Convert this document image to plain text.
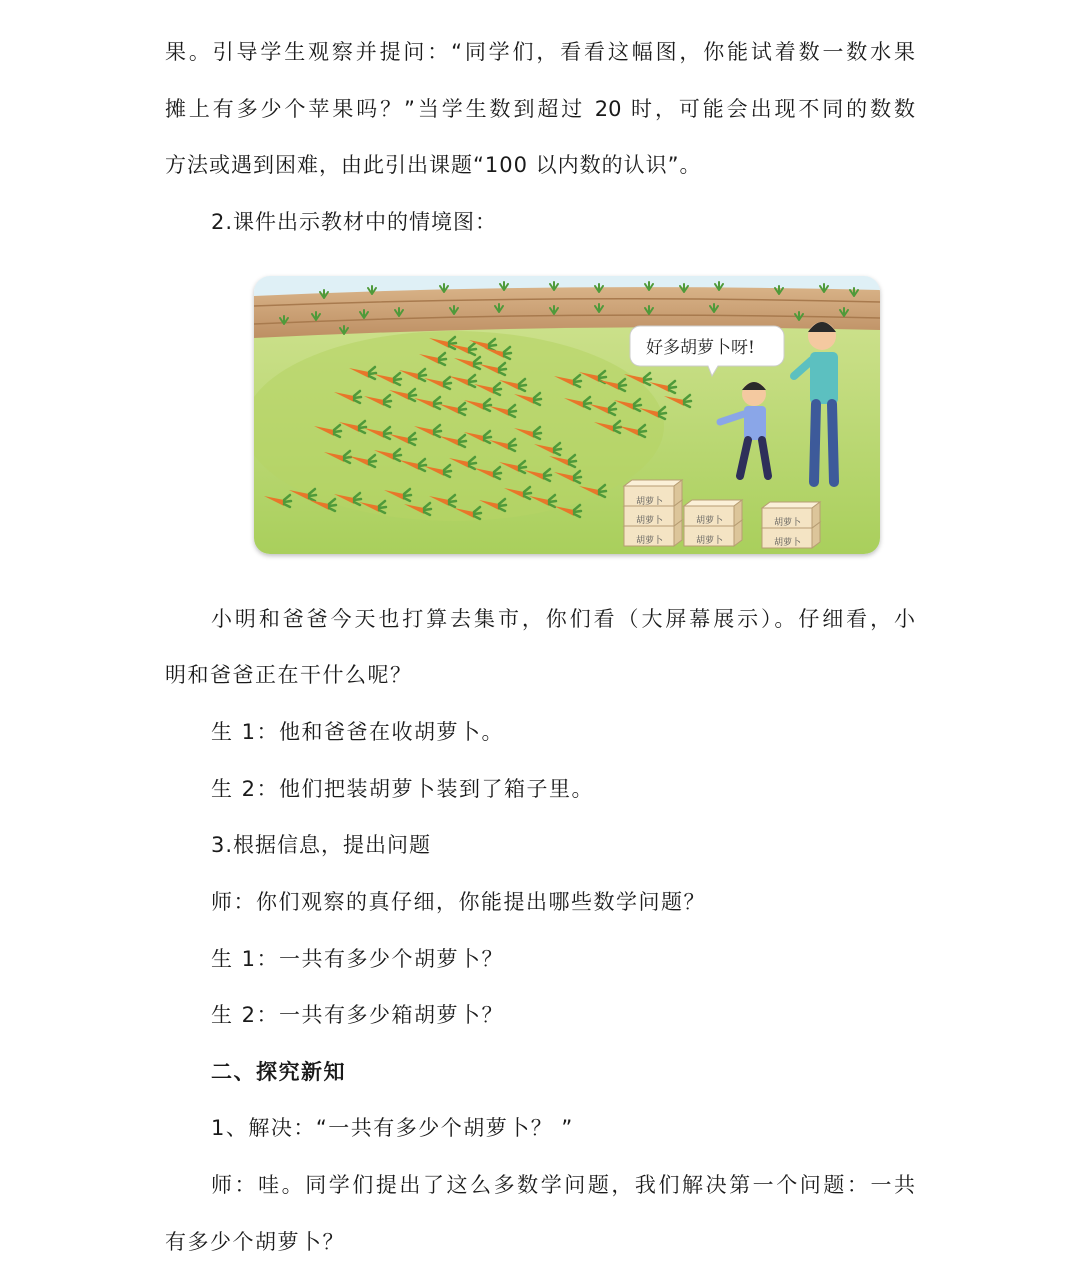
果。引导学生观察并提问：“同学们，看看这幅图，你能试着数一数水果
摊上有多少个苹果吗？”当学生数到超过 20 时，可能会出现不同的数数
方法或遇到困难，由此引出课题“100 以内数的认识”。
2.课件出示教材中的情境图：
好多胡萝卜呀!
胡萝卜
胡萝卜
胡萝卜
胡萝卜
胡萝卜
胡萝卜
胡萝卜
小明和爸爸今天也打算去集市，你们看（大屏幕展示）。仔细看，小
明和爸爸正在干什么呢？
生 1：他和爸爸在收胡萝卜。
生 2：他们把装胡萝卜装到了箱子里。
3.根据信息，提出问题
师：你们观察的真仔细，你能提出哪些数学问题？
生 1：一共有多少个胡萝卜？
生 2：一共有多少箱胡萝卜？
二、探究新知
1、解决：“一共有多少个胡萝卜？ ”
师：哇。同学们提出了这么多数学问题，我们解决第一个问题：一共
有多少个胡萝卜？
